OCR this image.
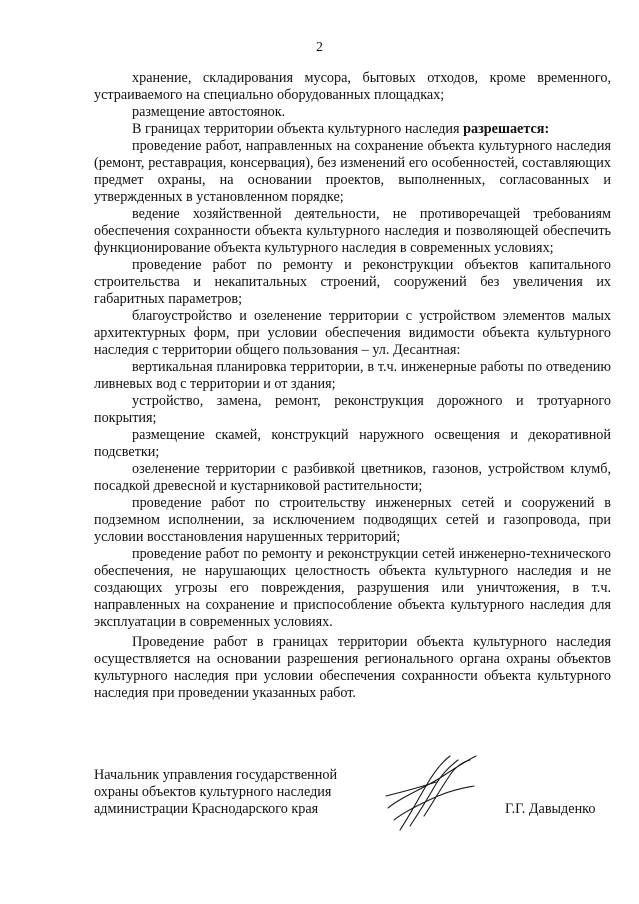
2

хранение, складирования мусора, бытовых отходов, кроме временного, устраиваемого на специально оборудованных площадках;

размещение автостоянок.

В границах территории объекта культурного наследия разрешается:

проведение работ, направленных на сохранение объекта культурного наследия (ремонт, реставрация, консервация), без изменений его особенностей, составляющих предмет охраны, на основании проектов, выполненных, согласованных и утвержденных в установленном порядке;

ведение хозяйственной деятельности, не противоречащей требованиям обеспечения сохранности объекта культурного наследия и позволяющей обеспечить функционирование объекта культурного наследия в современных условиях;

проведение работ по ремонту и реконструкции объектов капитального строительства и некапитальных строений, сооружений без увеличения их габаритных параметров;

благоустройство и озеленение территории с устройством элементов малых архитектурных форм, при условии обеспечения видимости объекта культурного наследия с территории общего пользования – ул. Десантная:

вертикальная планировка территории, в т.ч. инженерные работы по отведению ливневых вод с территории и от здания;

устройство, замена, ремонт, реконструкция дорожного и тротуарного покрытия;

размещение скамей, конструкций наружного освещения и декоративной подсветки;

озеленение территории с разбивкой цветников, газонов, устройством клумб, посадкой древесной и кустарниковой растительности;

проведение работ по строительству инженерных сетей и сооружений в подземном исполнении, за исключением подводящих сетей и газопровода, при условии восстановления нарушенных территорий;

проведение работ по ремонту и реконструкции сетей инженерно-технического обеспечения, не нарушающих целостность объекта культурного наследия и не создающих угрозы его повреждения, разрушения или уничтожения, в т.ч. направленных на сохранение и приспособление объекта культурного наследия для эксплуатации в современных условиях.

Проведение работ в границах территории объекта культурного наследия осуществляется на основании разрешения регионального органа охраны объектов культурного наследия при условии обеспечения сохранности объекта культурного наследия при проведении указанных работ.

Начальник управления государственной
охраны объектов культурного наследия
администрации Краснодарского края	Г.Г. Давыденко
